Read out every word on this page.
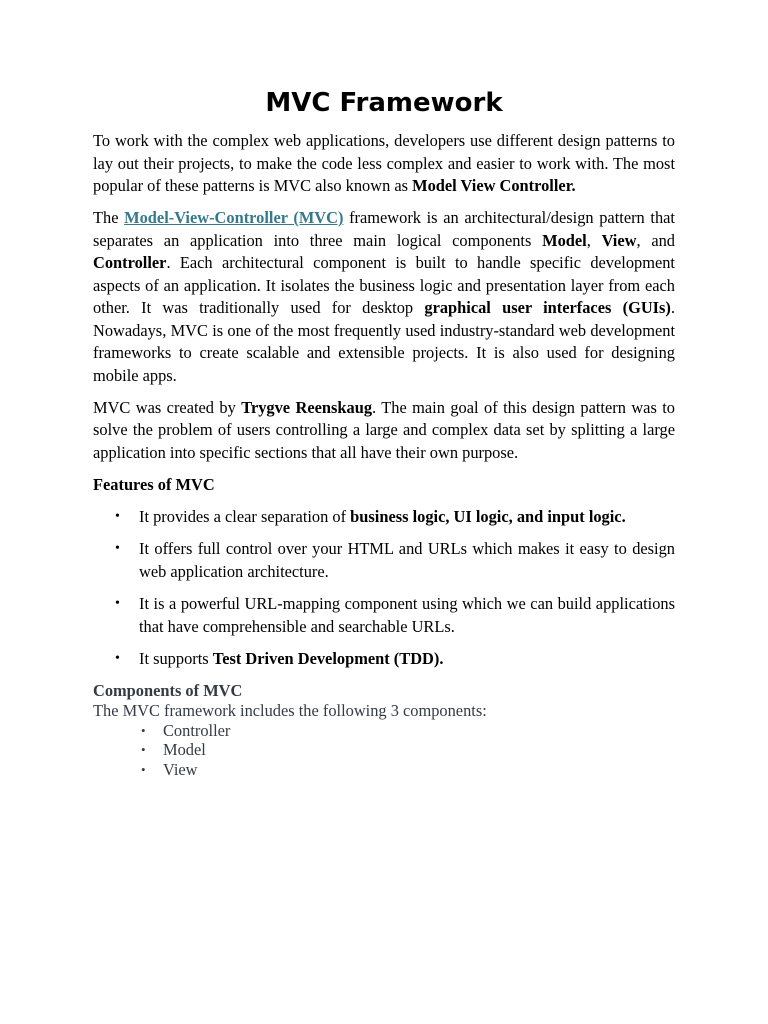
MVC Framework

To work with the complex web applications, developers use different design patterns to lay out their projects, to make the code less complex and easier to work with. The most popular of these patterns is MVC also known as Model View Controller.

The Model-View-Controller (MVC) framework is an architectural/design pattern that separates an application into three main logical components Model, View, and Controller. Each architectural component is built to handle specific development aspects of an application. It isolates the business logic and presentation layer from each other. It was traditionally used for desktop graphical user interfaces (GUIs). Nowadays, MVC is one of the most frequently used industry-standard web development frameworks to create scalable and extensible projects. It is also used for designing mobile apps.

MVC was created by Trygve Reenskaug. The main goal of this design pattern was to solve the problem of users controlling a large and complex data set by splitting a large application into specific sections that all have their own purpose.

Features of MVC
• It provides a clear separation of business logic, UI logic, and input logic.
• It offers full control over your HTML and URLs which makes it easy to design web application architecture.
• It is a powerful URL-mapping component using which we can build applications that have comprehensible and searchable URLs.
• It supports Test Driven Development (TDD).
Components of MVC
The MVC framework includes the following 3 components:
• Controller
• Model
• View
